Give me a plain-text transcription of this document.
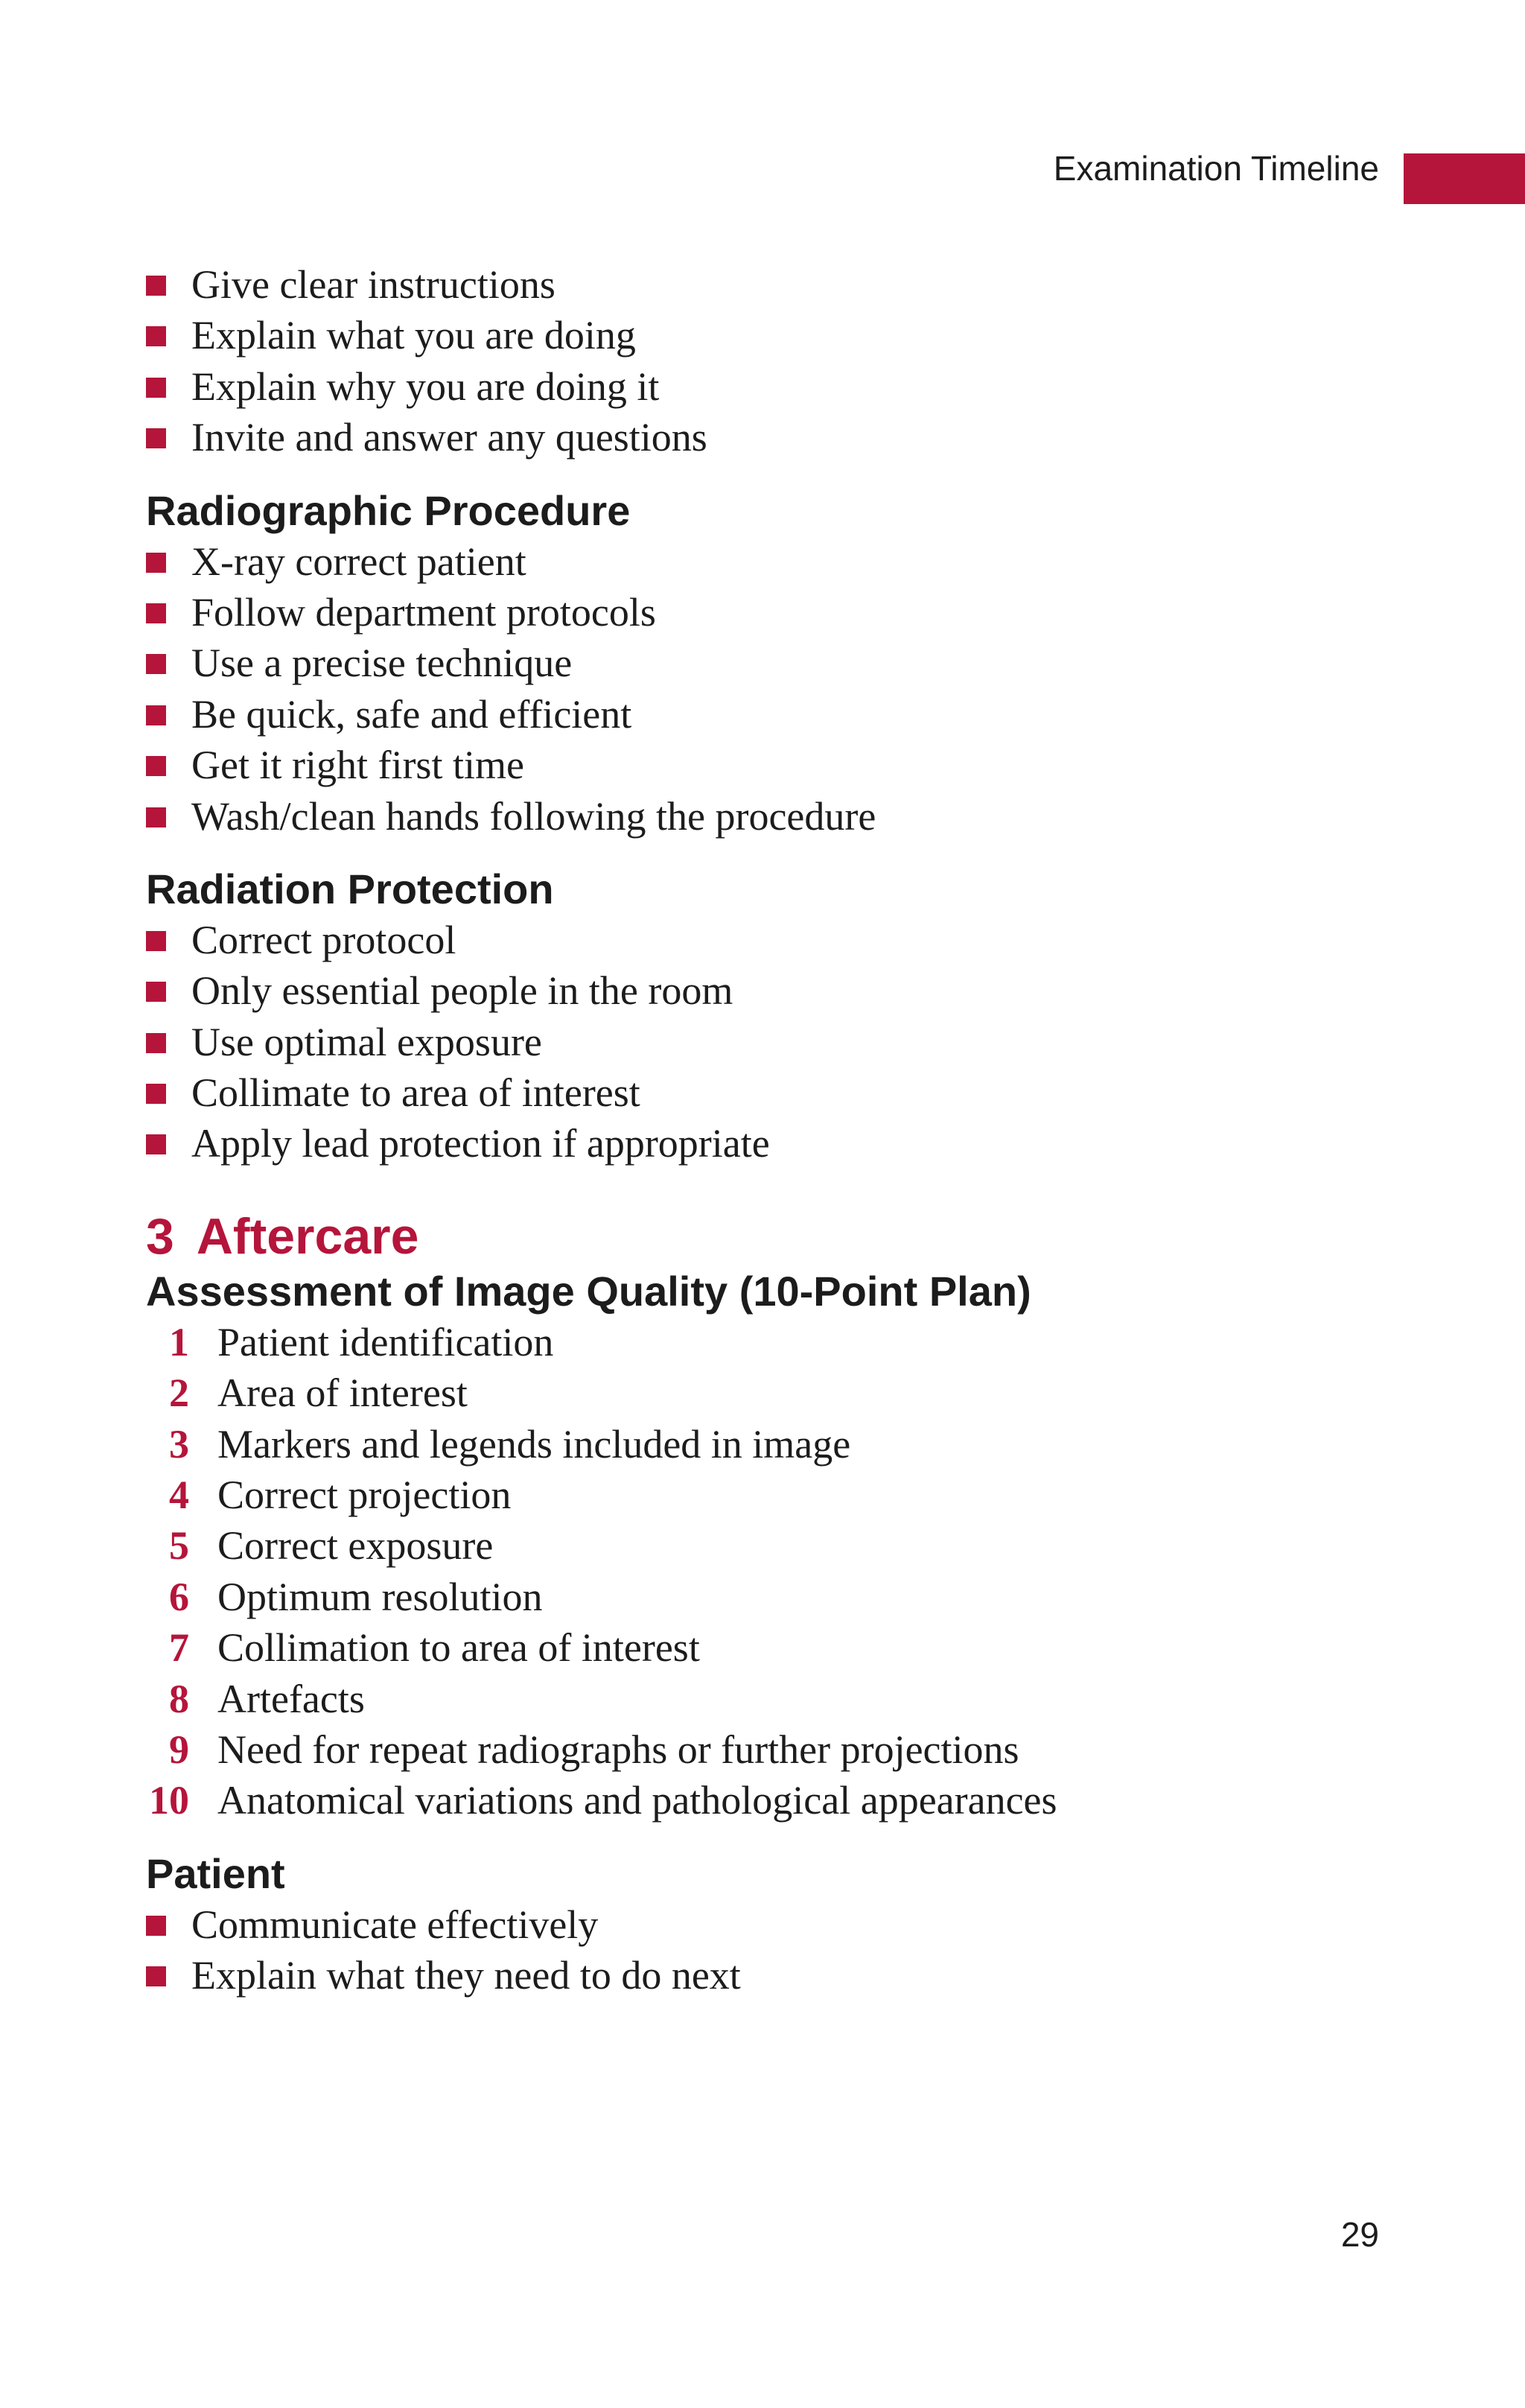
Examination Timeline
Give clear instructions
Explain what you are doing
Explain why you are doing it
Invite and answer any questions
Radiographic Procedure
X-ray correct patient
Follow department protocols
Use a precise technique
Be quick, safe and efficient
Get it right first time
Wash/clean hands following the procedure
Radiation Protection
Correct protocol
Only essential people in the room
Use optimal exposure
Collimate to area of interest
Apply lead protection if appropriate
3 Aftercare
Assessment of Image Quality (10-Point Plan)
1 Patient identification
2 Area of interest
3 Markers and legends included in image
4 Correct projection
5 Correct exposure
6 Optimum resolution
7 Collimation to area of interest
8 Artefacts
9 Need for repeat radiographs or further projections
10 Anatomical variations and pathological appearances
Patient
Communicate effectively
Explain what they need to do next
29
